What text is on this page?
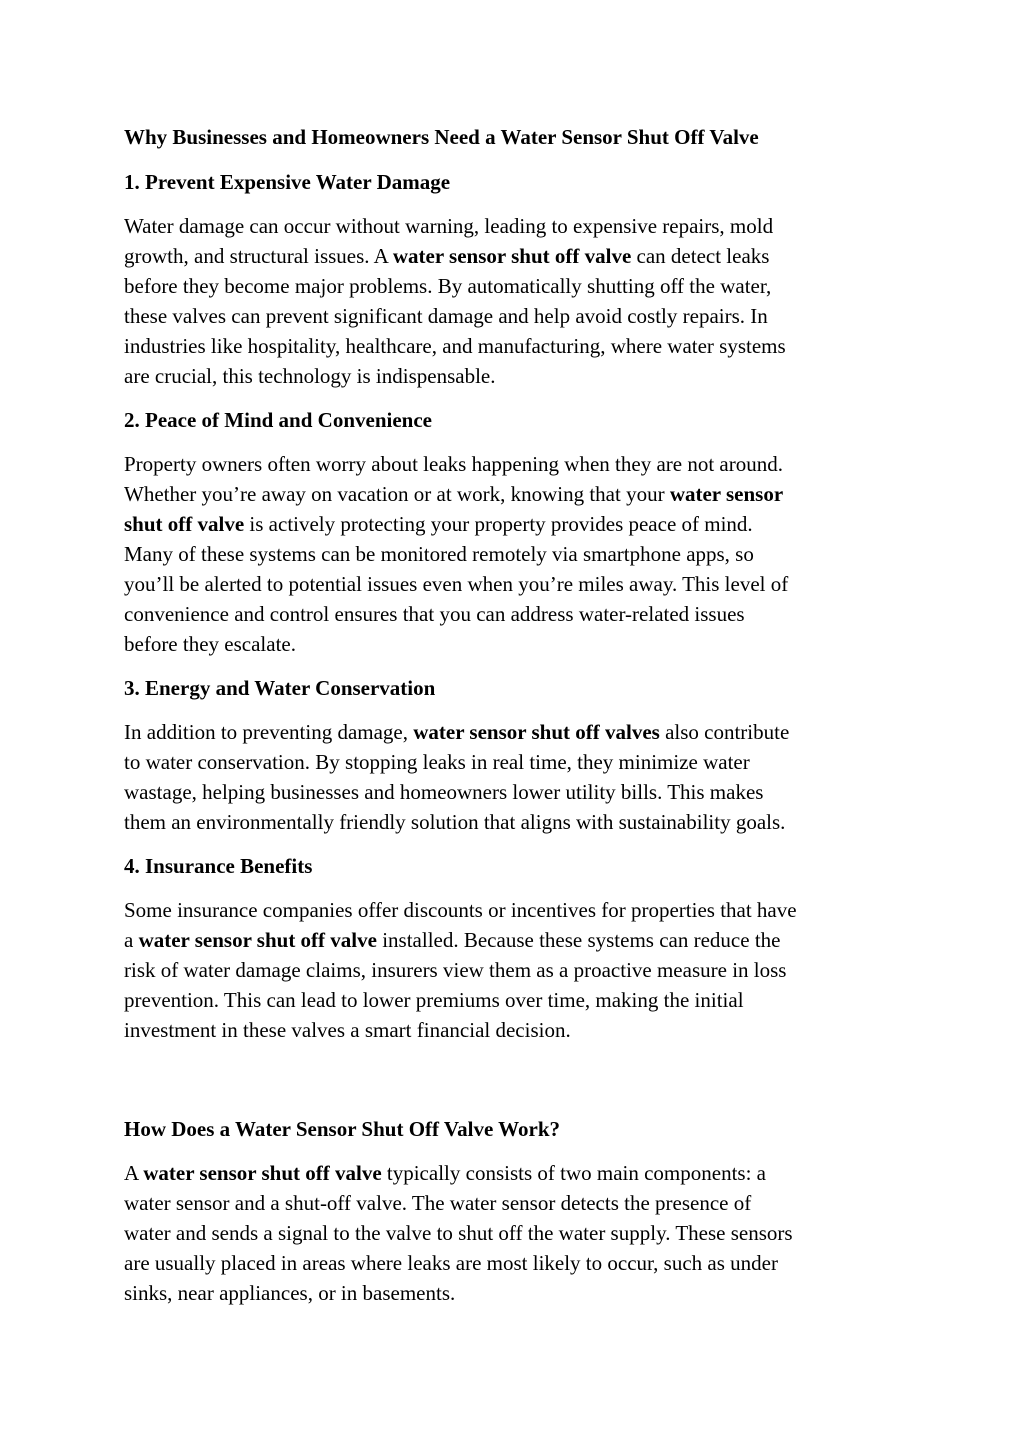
Why Businesses and Homeowners Need a Water Sensor Shut Off Valve
1. Prevent Expensive Water Damage

Water damage can occur without warning, leading to expensive repairs, mold
growth, and structural issues. A water sensor shut off valve can detect leaks
before they become major problems. By automatically shutting off the water,
these valves can prevent significant damage and help avoid costly repairs. In
industries like hospitality, healthcare, and manufacturing, where water systems
are crucial, this technology is indispensable.

2. Peace of Mind and Convenience

Property owners often worry about leaks happening when they are not around.
Whether you’re away on vacation or at work, knowing that your water sensor
shut off valve is actively protecting your property provides peace of mind.
Many of these systems can be monitored remotely via smartphone apps, so
you’ll be alerted to potential issues even when you’re miles away. This level of
convenience and control ensures that you can address water-related issues
before they escalate.

3. Energy and Water Conservation

In addition to preventing damage, water sensor shut off valves also contribute
to water conservation. By stopping leaks in real time, they minimize water
wastage, helping businesses and homeowners lower utility bills. This makes
them an environmentally friendly solution that aligns with sustainability goals.

4. Insurance Benefits

Some insurance companies offer discounts or incentives for properties that have
a water sensor shut off valve installed. Because these systems can reduce the
risk of water damage claims, insurers view them as a proactive measure in loss
prevention. This can lead to lower premiums over time, making the initial
investment in these valves a smart financial decision.

How Does a Water Sensor Shut Off Valve Work?

A water sensor shut off valve typically consists of two main components: a
water sensor and a shut-off valve. The water sensor detects the presence of
water and sends a signal to the valve to shut off the water supply. These sensors
are usually placed in areas where leaks are most likely to occur, such as under
sinks, near appliances, or in basements.
